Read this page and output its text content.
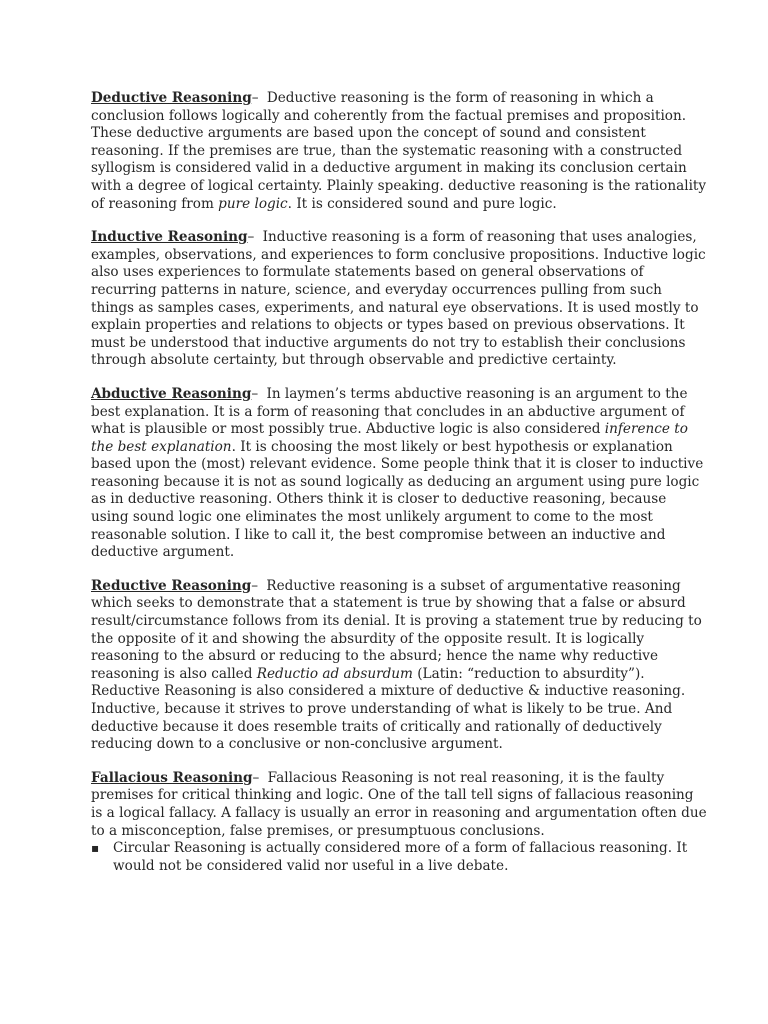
Deductive Reasoning– Deductive reasoning is the form of reasoning in which a conclusion follows logically and coherently from the factual premises and proposition. These deductive arguments are based upon the concept of sound and consistent reasoning. If the premises are true, than the systematic reasoning with a constructed syllogism is considered valid in a deductive argument in making its conclusion certain with a degree of logical certainty. Plainly speaking. deductive reasoning is the rationality of reasoning from pure logic. It is considered sound and pure logic.

Inductive Reasoning– Inductive reasoning is a form of reasoning that uses analogies, examples, observations, and experiences to form conclusive propositions. Inductive logic also uses experiences to formulate statements based on general observations of recurring patterns in nature, science, and everyday occurrences pulling from such things as samples cases, experiments, and natural eye observations. It is used mostly to explain properties and relations to objects or types based on previous observations. It must be understood that inductive arguments do not try to establish their conclusions through absolute certainty, but through observable and predictive certainty.

Abductive Reasoning– In laymen’s terms abductive reasoning is an argument to the best explanation. It is a form of reasoning that concludes in an abductive argument of what is plausible or most possibly true. Abductive logic is also considered inference to the best explanation. It is choosing the most likely or best hypothesis or explanation based upon the (most) relevant evidence. Some people think that it is closer to inductive reasoning because it is not as sound logically as deducing an argument using pure logic as in deductive reasoning. Others think it is closer to deductive reasoning, because using sound logic one eliminates the most unlikely argument to come to the most reasonable solution. I like to call it, the best compromise between an inductive and deductive argument.

Reductive Reasoning– Reductive reasoning is a subset of argumentative reasoning which seeks to demonstrate that a statement is true by showing that a false or absurd result/circumstance follows from its denial. It is proving a statement true by reducing to the opposite of it and showing the absurdity of the opposite result. It is logically reasoning to the absurd or reducing to the absurd; hence the name why reductive reasoning is also called Reductio ad absurdum (Latin: “reduction to absurdity”). Reductive Reasoning is also considered a mixture of deductive & inductive reasoning. Inductive, because it strives to prove understanding of what is likely to be true. And deductive because it does resemble traits of critically and rationally of deductively reducing down to a conclusive or non-conclusive argument.

Fallacious Reasoning– Fallacious Reasoning is not real reasoning, it is the faulty premises for critical thinking and logic. One of the tall tell signs of fallacious reasoning is a logical fallacy. A fallacy is usually an error in reasoning and argumentation often due to a misconception, false premises, or presumptuous conclusions.

▪ Circular Reasoning is actually considered more of a form of fallacious reasoning. It would not be considered valid nor useful in a live debate.
